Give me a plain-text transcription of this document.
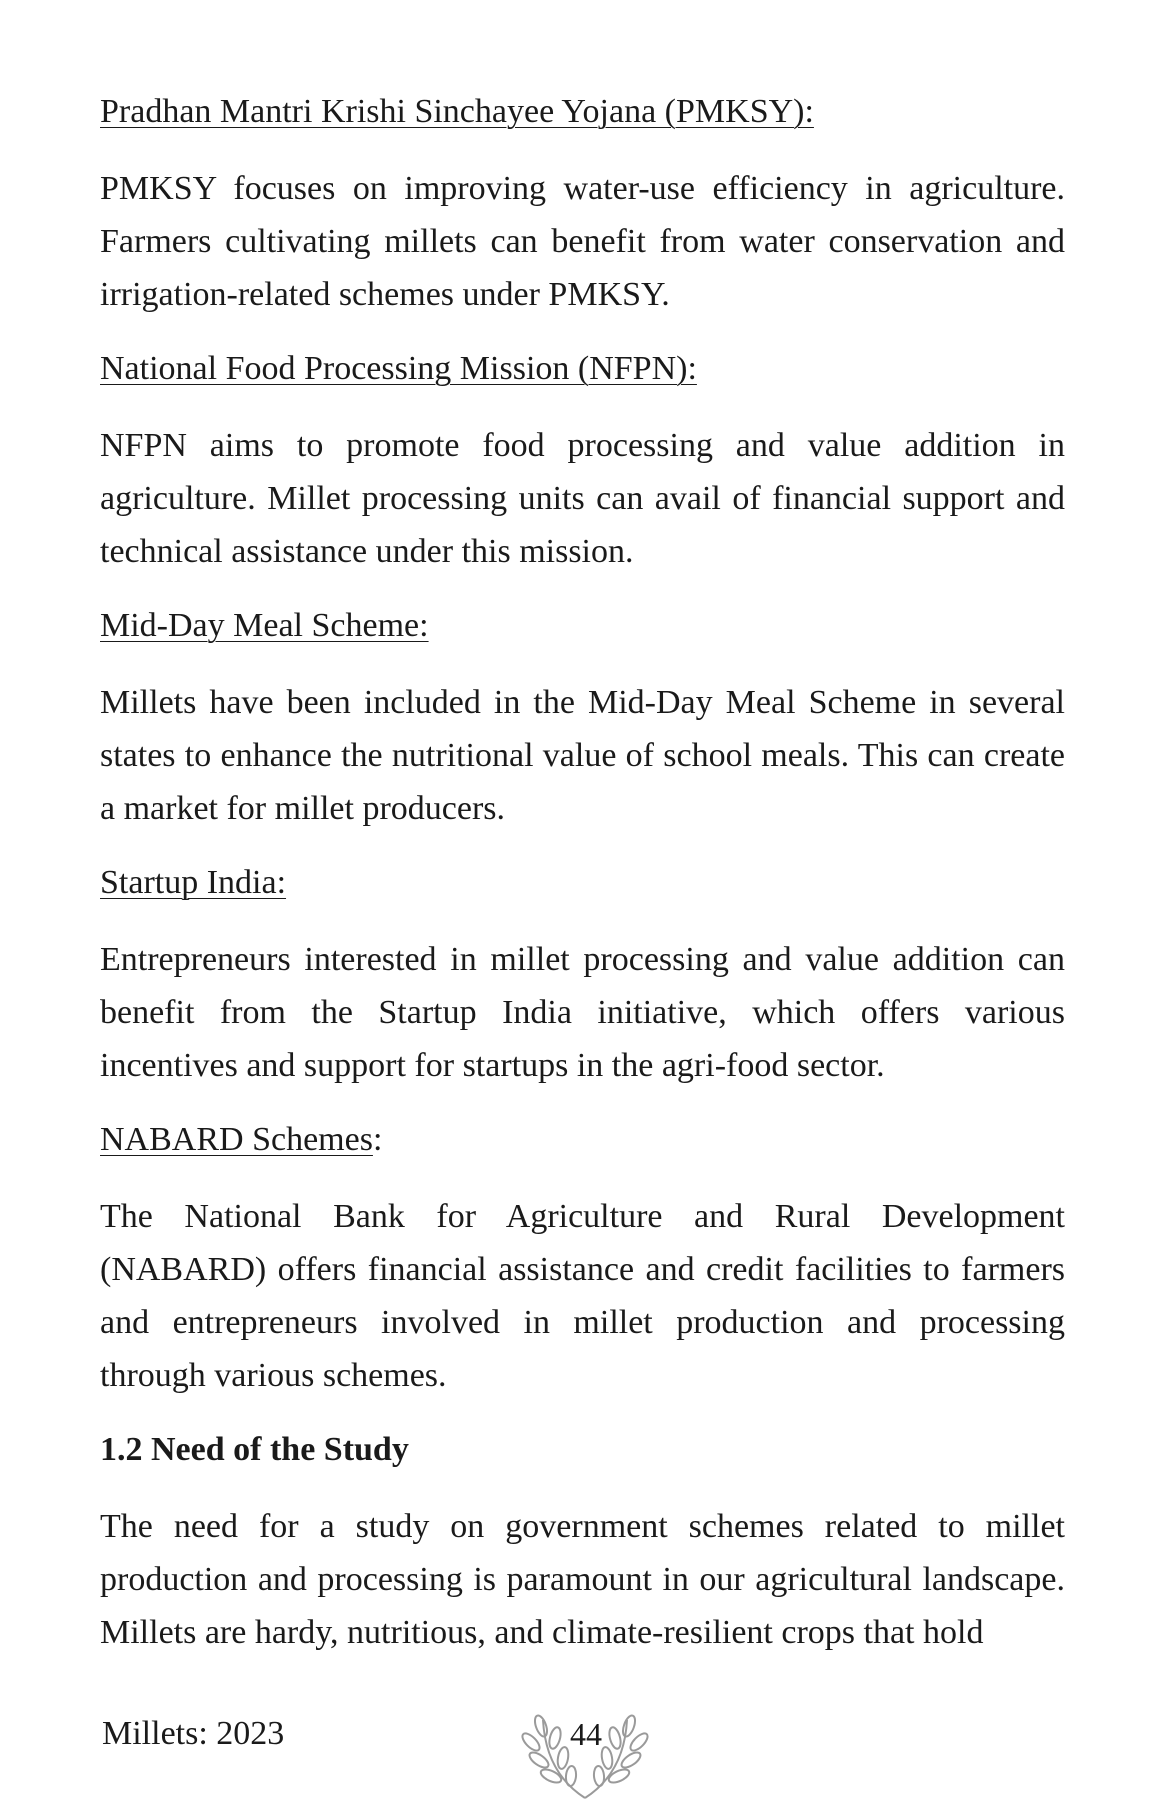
Pradhan Mantri Krishi Sinchayee Yojana (PMKSY):

PMKSY focuses on improving water-use efficiency in agriculture. Farmers cultivating millets can benefit from water conservation and irrigation-related schemes under PMKSY.

National Food Processing Mission (NFPN):

NFPN aims to promote food processing and value addition in agriculture. Millet processing units can avail of financial support and technical assistance under this mission.

Mid-Day Meal Scheme:

Millets have been included in the Mid-Day Meal Scheme in several states to enhance the nutritional value of school meals. This can create a market for millet producers.

Startup India:

Entrepreneurs interested in millet processing and value addition can benefit from the Startup India initiative, which offers various incentives and support for startups in the agri-food sector.

NABARD Schemes:

The National Bank for Agriculture and Rural Development (NABARD) offers financial assistance and credit facilities to farmers and entrepreneurs involved in millet production and processing through various schemes.

1.2 Need of the Study

The need for a study on government schemes related to millet production and processing is paramount in our agricultural landscape. Millets are hardy, nutritious, and climate-resilient crops that hold

Millets: 2023	44
